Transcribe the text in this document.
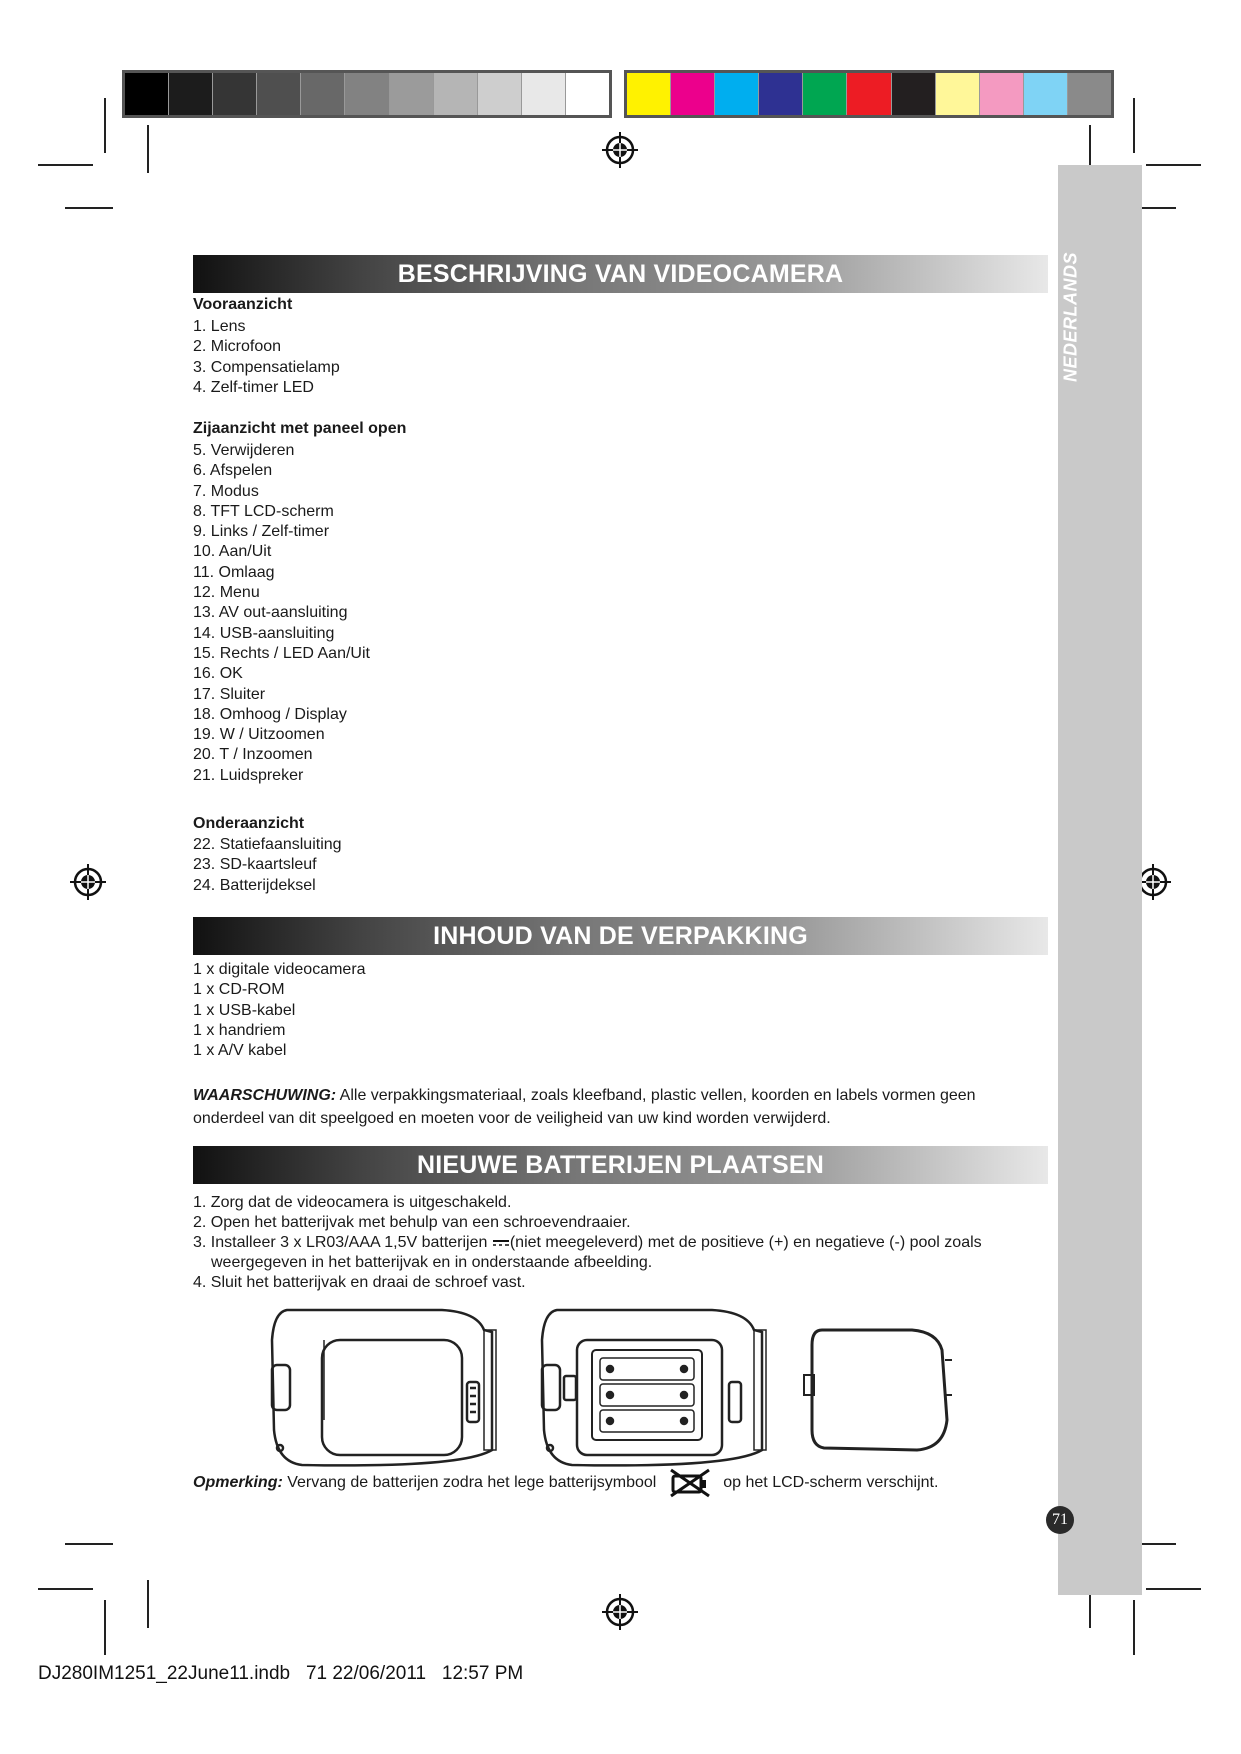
NEDERLANDS
BESCHRIJVING VAN VIDEOCAMERA
Vooraanzicht
1. Lens
2. Microfoon
3. Compensatielamp
4. Zelf-timer LED
Zijaanzicht met paneel open
5. Verwijderen
6. Afspelen
7. Modus
8. TFT LCD-scherm
9. Links / Zelf-timer
10. Aan/Uit
11. Omlaag
12. Menu
13. AV out-aansluiting
14. USB-aansluiting
15. Rechts / LED Aan/Uit
16. OK
17. Sluiter
18. Omhoog / Display
19. W / Uitzoomen
20. T / Inzoomen
21. Luidspreker
Onderaanzicht
22. Statiefaansluiting
23. SD-kaartsleuf
24. Batterijdeksel
INHOUD VAN DE VERPAKKING
1 x digitale videocamera
1 x CD-ROM
1 x USB-kabel
1 x handriem
1 x A/V kabel
WAARSCHUWING: Alle verpakkingsmateriaal, zoals kleefband, plastic vellen, koorden en labels vormen geen onderdeel van dit speelgoed en moeten voor de veiligheid van uw kind worden verwijderd.
NIEUWE BATTERIJEN PLAATSEN
1. Zorg dat de videocamera is uitgeschakeld.
2. Open het batterijvak met behulp van een schroevendraaier.
3. Installeer 3 x LR03/AAA 1,5V batterijen (niet meegeleverd) met de positieve (+) en negatieve (-) pool zoals weergegeven in het batterijvak en in onderstaande afbeelding.
4. Sluit het batterijvak en draai de schroef vast.
Opmerking: Vervang de batterijen zodra het lege batterijsymbool	op het LCD-scherm verschijnt.
71
DJ280IM1251_22June11.indb   71 22/06/2011   12:57 PM
